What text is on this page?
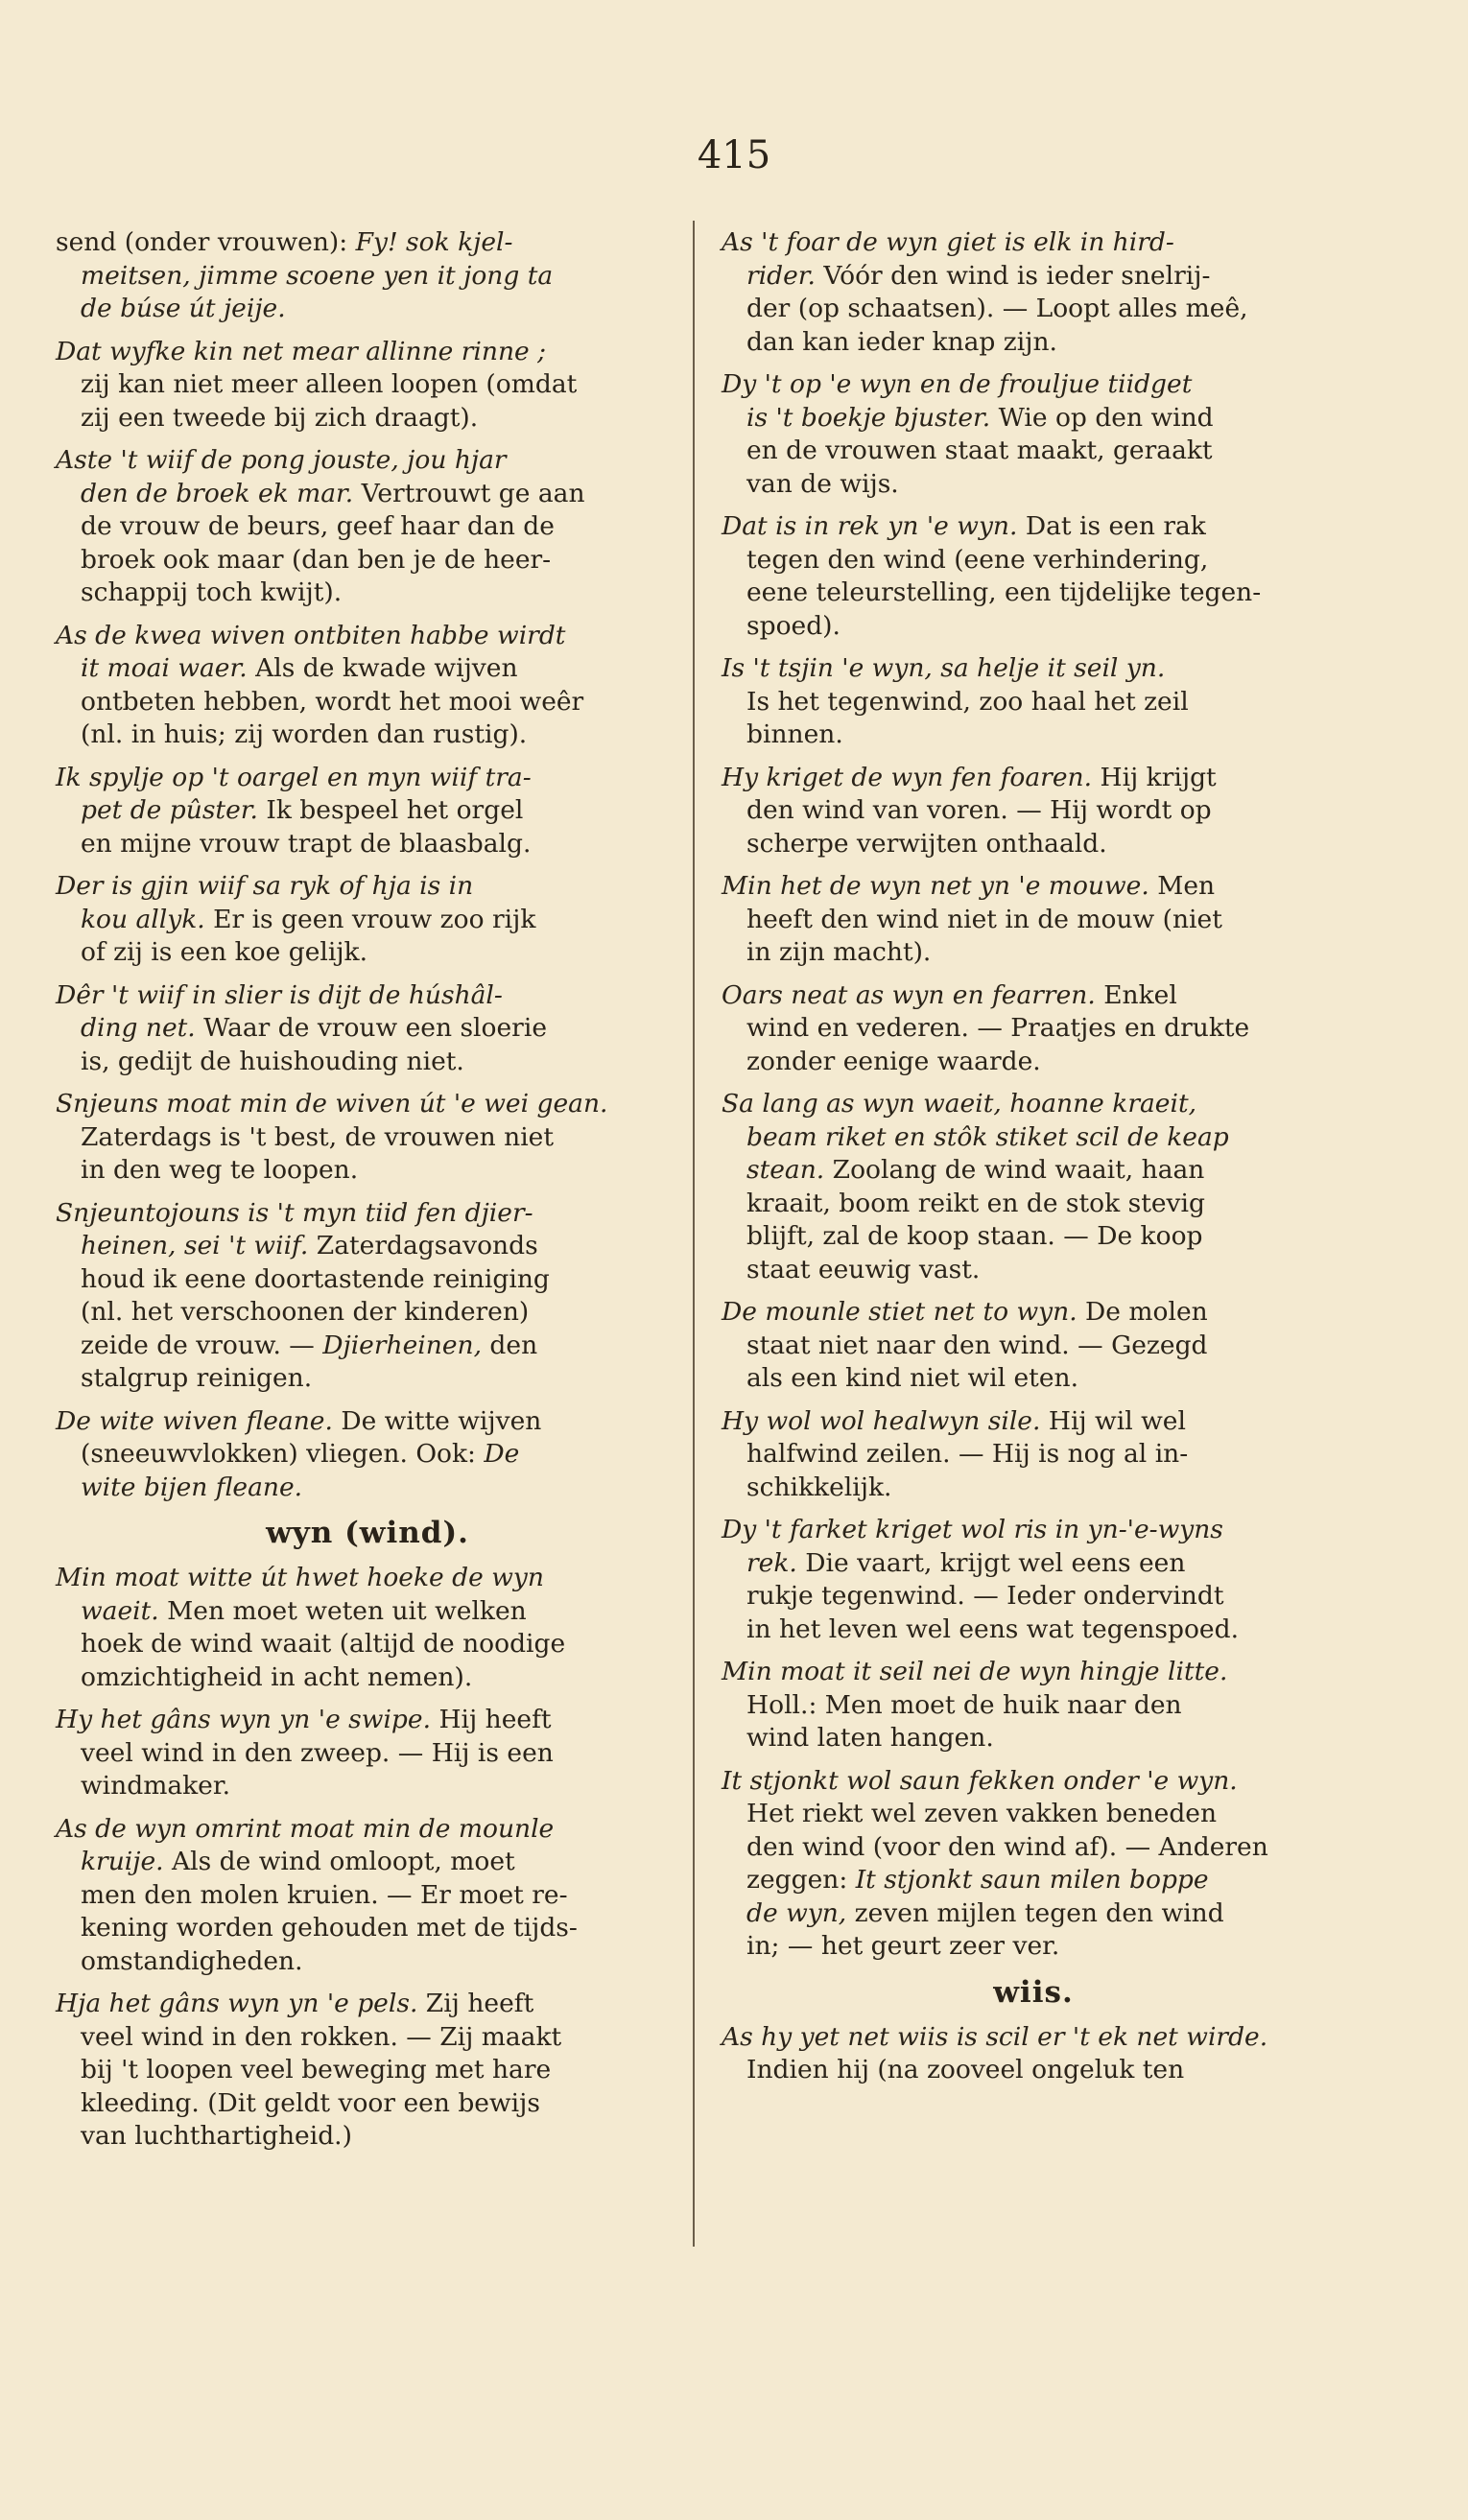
415
send (onder vrouwen): Fy! sok kjel-
meitsen, jimme scoene yen it jong ta
de búse út jeije.
Dat wyfke kin net mear allinne rinne ;
zij kan niet meer alleen loopen (omdat
zij een tweede bij zich draagt).
Aste 't wiif de pong jouste, jou hjar
den de broek ek mar. Vertrouwt ge aan
de vrouw de beurs, geef haar dan de
broek ook maar (dan ben je de heer-
schappij toch kwijt).
As de kwea wiven ontbiten habbe wirdt
it moai waer. Als de kwade wijven
ontbeten hebben, wordt het mooi weêr
(nl. in huis; zij worden dan rustig).
Ik spylje op 't oargel en myn wiif tra-
pet de pûster. Ik bespeel het orgel
en mijne vrouw trapt de blaasbalg.
Der is gjin wiif sa ryk of hja is in
kou allyk. Er is geen vrouw zoo rijk
of zij is een koe gelijk.
Dêr 't wiif in slier is dijt de húshâl-
ding net. Waar de vrouw een sloerie
is, gedijt de huishouding niet.
Snjeuns moat min de wiven út 'e wei gean.
Zaterdags is 't best, de vrouwen niet
in den weg te loopen.
Snjeuntojouns is 't myn tiid fen djier-
heinen, sei 't wiif. Zaterdagsavonds
houd ik eene doortastende reiniging
(nl. het verschoonen der kinderen)
zeide de vrouw. — Djierheinen, den
stalgrup reinigen.
De wite wiven fleane. De witte wijven
(sneeuwvlokken) vliegen. Ook: De
wite bijen fleane.
wyn (wind).
Min moat witte út hwet hoeke de wyn
waeit. Men moet weten uit welken
hoek de wind waait (altijd de noodige
omzichtigheid in acht nemen).
Hy het gâns wyn yn 'e swipe. Hij heeft
veel wind in den zweep. — Hij is een
windmaker.
As de wyn omrint moat min de mounle
kruije. Als de wind omloopt, moet
men den molen kruien. — Er moet re-
kening worden gehouden met de tijds-
omstandigheden.
Hja het gâns wyn yn 'e pels. Zij heeft
veel wind in den rokken. — Zij maakt
bij 't loopen veel beweging met hare
kleeding. (Dit geldt voor een bewijs
van luchthartigheid.)
As 't foar de wyn giet is elk in hird-
rider. Vóór den wind is ieder snelrij-
der (op schaatsen). — Loopt alles meê,
dan kan ieder knap zijn.
Dy 't op 'e wyn en de frouljue tiidget
is 't boekje bjuster. Wie op den wind
en de vrouwen staat maakt, geraakt
van de wijs.
Dat is in rek yn 'e wyn. Dat is een rak
tegen den wind (eene verhindering,
eene teleurstelling, een tijdelijke tegen-
spoed).
Is 't tsjin 'e wyn, sa helje it seil yn.
Is het tegenwind, zoo haal het zeil
binnen.
Hy kriget de wyn fen foaren. Hij krijgt
den wind van voren. — Hij wordt op
scherpe verwijten onthaald.
Min het de wyn net yn 'e mouwe. Men
heeft den wind niet in de mouw (niet
in zijn macht).
Oars neat as wyn en fearren. Enkel
wind en vederen. — Praatjes en drukte
zonder eenige waarde.
Sa lang as wyn waeit, hoanne kraeit,
beam riket en stôk stiket scil de keap
stean. Zoolang de wind waait, haan
kraait, boom reikt en de stok stevig
blijft, zal de koop staan. — De koop
staat eeuwig vast.
De mounle stiet net to wyn. De molen
staat niet naar den wind. — Gezegd
als een kind niet wil eten.
Hy wol wol healwyn sile. Hij wil wel
halfwind zeilen. — Hij is nog al in-
schikkelijk.
Dy 't farket kriget wol ris in yn-'e-wyns
rek. Die vaart, krijgt wel eens een
rukje tegenwind. — Ieder ondervindt
in het leven wel eens wat tegenspoed.
Min moat it seil nei de wyn hingje litte.
Holl.: Men moet de huik naar den
wind laten hangen.
It stjonkt wol saun fekken onder 'e wyn.
Het riekt wel zeven vakken beneden
den wind (voor den wind af). — Anderen
zeggen: It stjonkt saun milen boppe
de wyn, zeven mijlen tegen den wind
in; — het geurt zeer ver.
wiis.
As hy yet net wiis is scil er 't ek net wirde.
Indien hij (na zooveel ongeluk ten
